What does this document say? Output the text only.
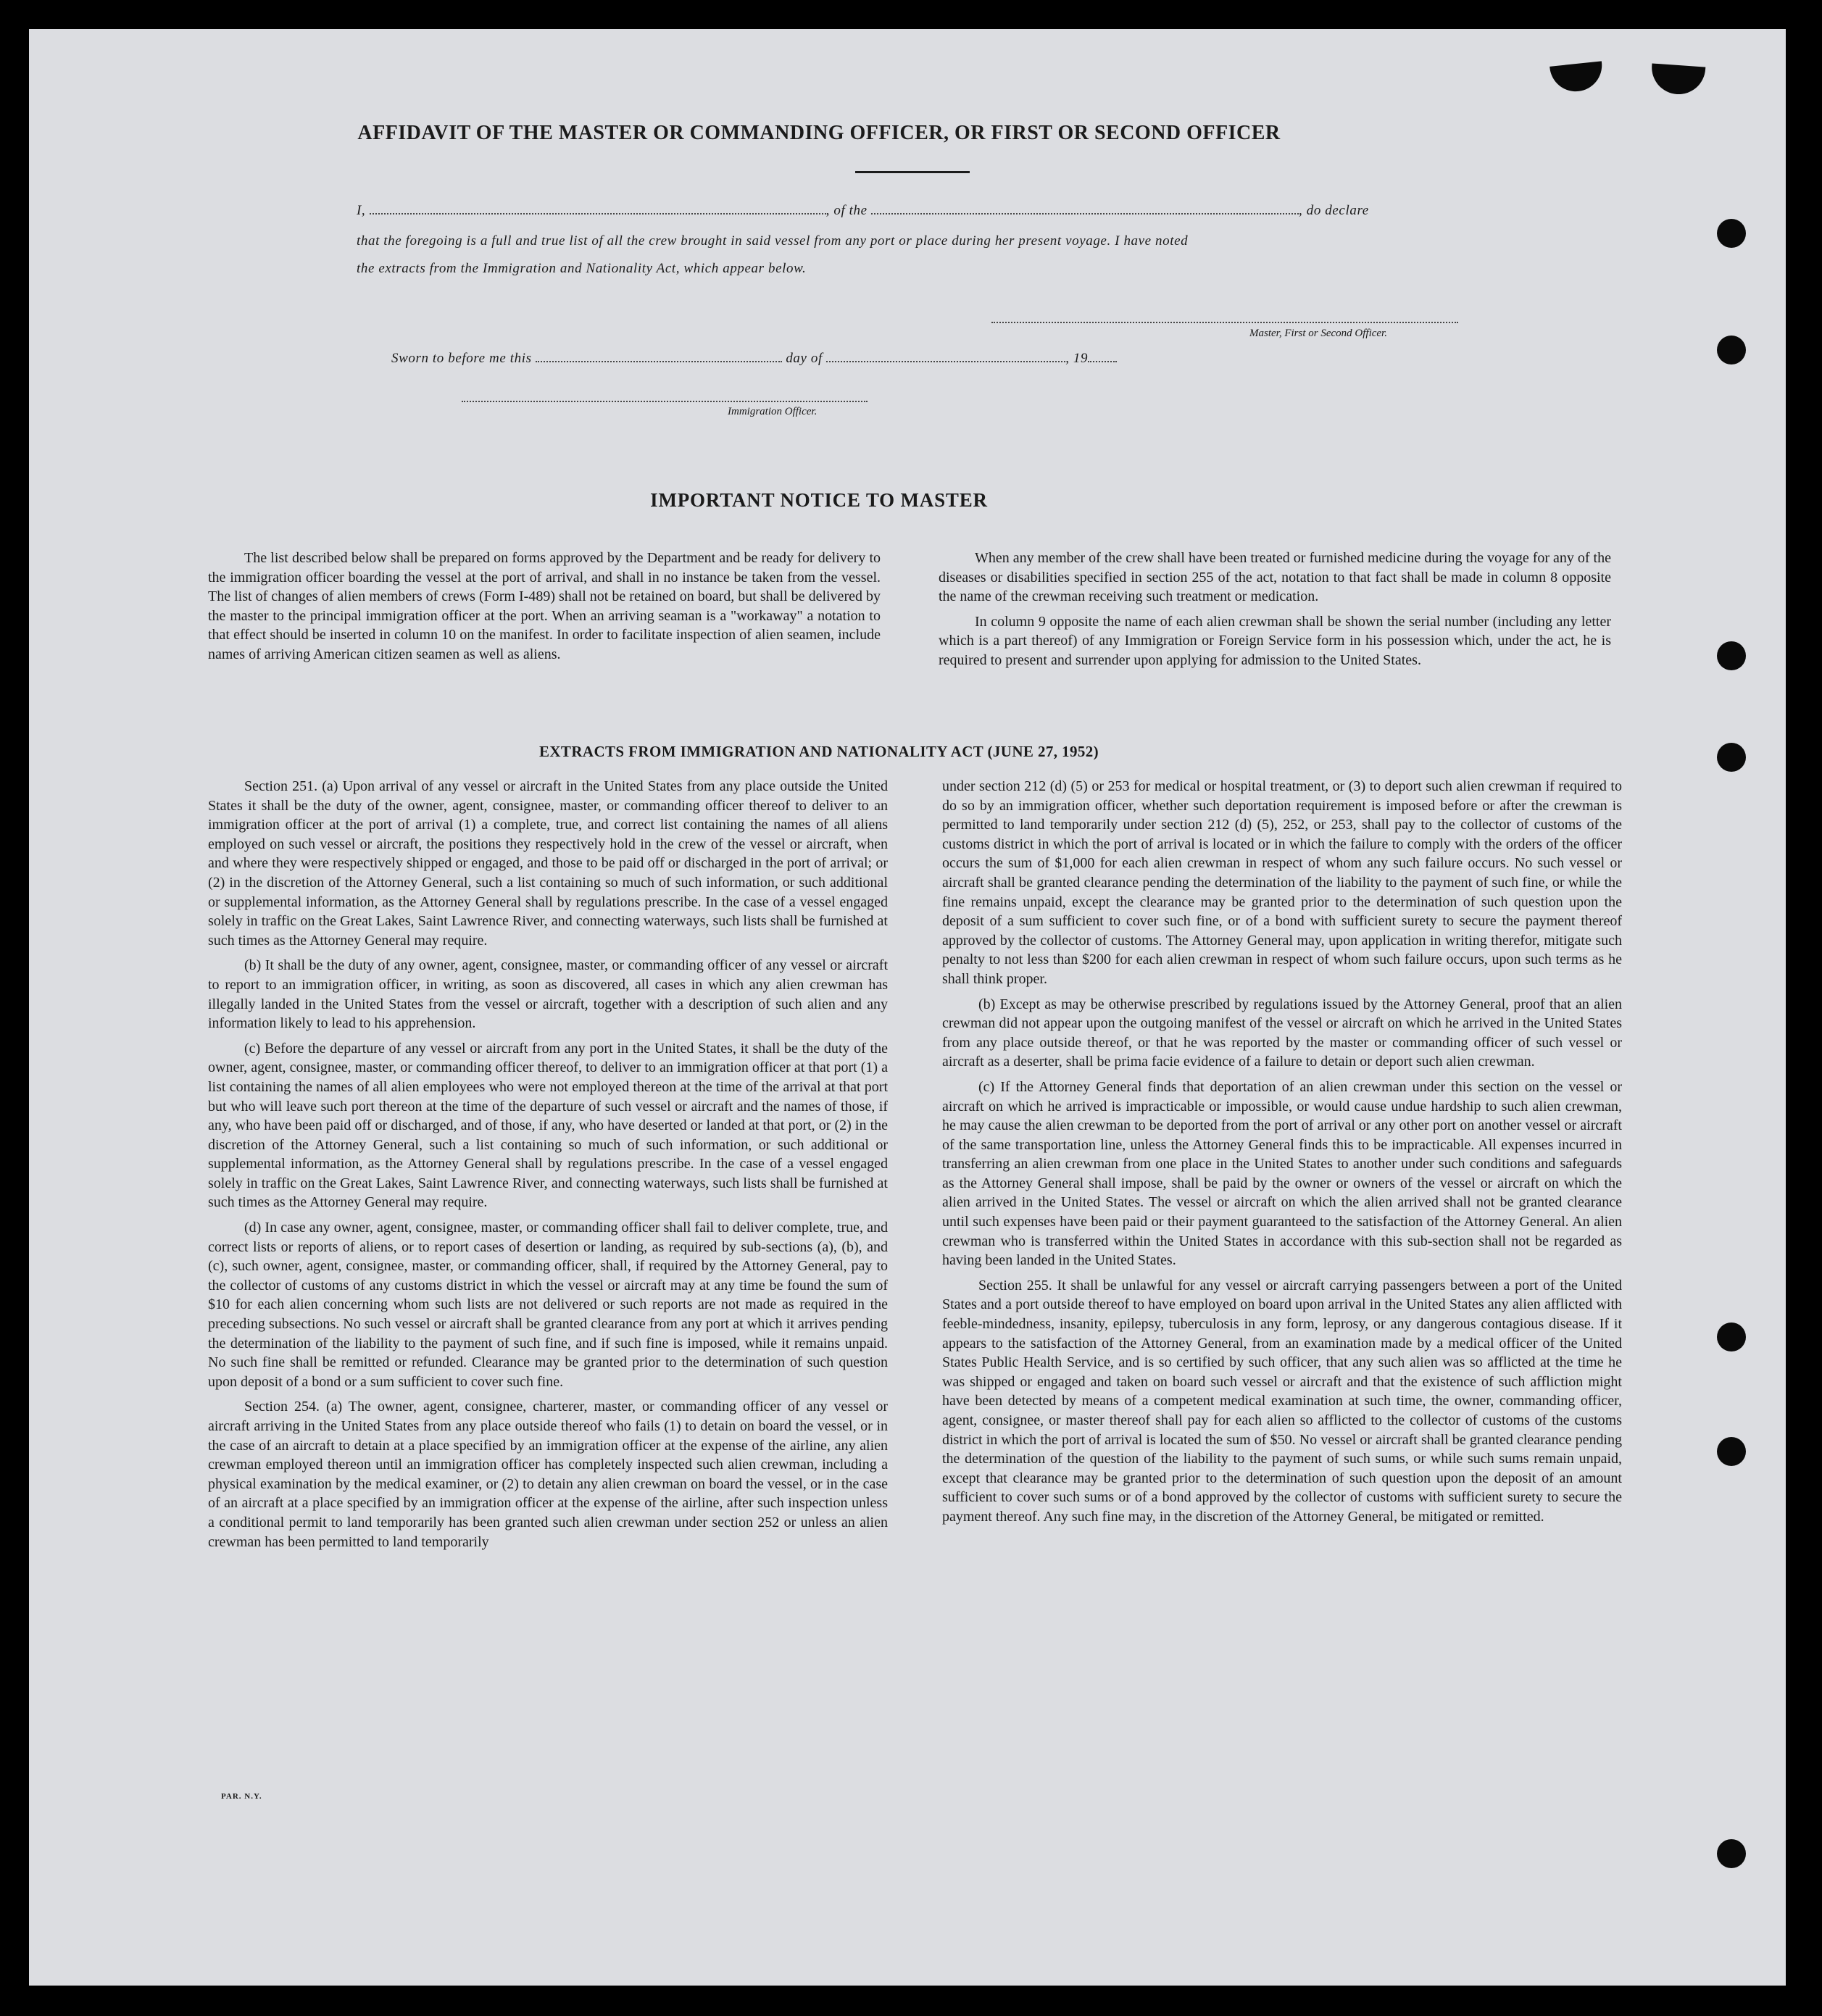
AFFIDAVIT OF THE MASTER OR COMMANDING OFFICER, OR FIRST OR SECOND OFFICER
I,	, of the	, do declare
that the foregoing is a full and true list of all the crew brought in said vessel from any port or place during her present voyage. I have noted
the extracts from the Immigration and Nationality Act, which appear below.
Master, First or Second Officer.
Sworn to before me this	day of	, 19
Immigration Officer.
IMPORTANT NOTICE TO MASTER

The list described below shall be prepared on forms approved by the Department and be ready for delivery to the immigration officer boarding the vessel at the port of arrival, and shall in no instance be taken from the vessel. The list of changes of alien members of crews (Form I-489) shall not be retained on board, but shall be delivered by the master to the principal immigration officer at the port. When an arriving seaman is a "workaway" a notation to that effect should be inserted in column 10 on the manifest. In order to facilitate inspection of alien seamen, include names of arriving American citizen seamen as well as aliens.

When any member of the crew shall have been treated or furnished medicine during the voyage for any of the diseases or disabilities specified in section 255 of the act, notation to that fact shall be made in column 8 opposite the name of the crewman receiving such treatment or medication.

In column 9 opposite the name of each alien crewman shall be shown the serial number (including any letter which is a part thereof) of any Immigration or Foreign Service form in his possession which, under the act, he is required to present and surrender upon applying for admission to the United States.

EXTRACTS FROM IMMIGRATION AND NATIONALITY ACT (JUNE 27, 1952)

Section 251. (a) Upon arrival of any vessel or aircraft in the United States from any place outside the United States it shall be the duty of the owner, agent, consignee, master, or commanding officer thereof to deliver to an immigration officer at the port of arrival (1) a complete, true, and correct list containing the names of all aliens employed on such vessel or aircraft, the positions they respectively hold in the crew of the vessel or aircraft, when and where they were respectively shipped or engaged, and those to be paid off or discharged in the port of arrival; or (2) in the discretion of the Attorney General, such a list containing so much of such information, or such additional or supplemental information, as the Attorney General shall by regulations prescribe. In the case of a vessel engaged solely in traffic on the Great Lakes, Saint Lawrence River, and connecting waterways, such lists shall be furnished at such times as the Attorney General may require.

(b) It shall be the duty of any owner, agent, consignee, master, or commanding officer of any vessel or aircraft to report to an immigration officer, in writing, as soon as discovered, all cases in which any alien crewman has illegally landed in the United States from the vessel or aircraft, together with a description of such alien and any information likely to lead to his apprehension.

(c) Before the departure of any vessel or aircraft from any port in the United States, it shall be the duty of the owner, agent, consignee, master, or commanding officer thereof, to deliver to an immigration officer at that port (1) a list containing the names of all alien employees who were not employed thereon at the time of the arrival at that port but who will leave such port thereon at the time of the departure of such vessel or aircraft and the names of those, if any, who have been paid off or discharged, and of those, if any, who have deserted or landed at that port, or (2) in the discretion of the Attorney General, such a list containing so much of such information, or such additional or supplemental information, as the Attorney General shall by regulations prescribe. In the case of a vessel engaged solely in traffic on the Great Lakes, Saint Lawrence River, and connecting waterways, such lists shall be furnished at such times as the Attorney General may require.

(d) In case any owner, agent, consignee, master, or commanding officer shall fail to deliver complete, true, and correct lists or reports of aliens, or to report cases of desertion or landing, as required by sub-sections (a), (b), and (c), such owner, agent, consignee, master, or commanding officer, shall, if required by the Attorney General, pay to the collector of customs of any customs district in which the vessel or aircraft may at any time be found the sum of $10 for each alien concerning whom such lists are not delivered or such reports are not made as required in the preceding subsections. No such vessel or aircraft shall be granted clearance from any port at which it arrives pending the determination of the liability to the payment of such fine, and if such fine is imposed, while it remains unpaid. No such fine shall be remitted or refunded. Clearance may be granted prior to the determination of such question upon deposit of a bond or a sum sufficient to cover such fine.

Section 254. (a) The owner, agent, consignee, charterer, master, or commanding officer of any vessel or aircraft arriving in the United States from any place outside thereof who fails (1) to detain on board the vessel, or in the case of an aircraft to detain at a place specified by an immigration officer at the expense of the airline, any alien crewman employed thereon until an immigration officer has completely inspected such alien crewman, including a physical examination by the medical examiner, or (2) to detain any alien crewman on board the vessel, or in the case of an aircraft at a place specified by an immigration officer at the expense of the airline, after such inspection unless a conditional permit to land temporarily has been granted such alien crewman under section 252 or unless an alien crewman has been permitted to land temporarily

under section 212 (d) (5) or 253 for medical or hospital treatment, or (3) to deport such alien crewman if required to do so by an immigration officer, whether such deportation requirement is imposed before or after the crewman is permitted to land temporarily under section 212 (d) (5), 252, or 253, shall pay to the collector of customs of the customs district in which the port of arrival is located or in which the failure to comply with the orders of the officer occurs the sum of $1,000 for each alien crewman in respect of whom any such failure occurs. No such vessel or aircraft shall be granted clearance pending the determination of the liability to the payment of such fine, or while the fine remains unpaid, except the clearance may be granted prior to the determination of such question upon the deposit of a sum sufficient to cover such fine, or of a bond with sufficient surety to secure the payment thereof approved by the collector of customs. The Attorney General may, upon application in writing therefor, mitigate such penalty to not less than $200 for each alien crewman in respect of whom such failure occurs, upon such terms as he shall think proper.

(b) Except as may be otherwise prescribed by regulations issued by the Attorney General, proof that an alien crewman did not appear upon the outgoing manifest of the vessel or aircraft on which he arrived in the United States from any place outside thereof, or that he was reported by the master or commanding officer of such vessel or aircraft as a deserter, shall be prima facie evidence of a failure to detain or deport such alien crewman.

(c) If the Attorney General finds that deportation of an alien crewman under this section on the vessel or aircraft on which he arrived is impracticable or impossible, or would cause undue hardship to such alien crewman, he may cause the alien crewman to be deported from the port of arrival or any other port on another vessel or aircraft of the same transportation line, unless the Attorney General finds this to be impracticable. All expenses incurred in transferring an alien crewman from one place in the United States to another under such conditions and safeguards as the Attorney General shall impose, shall be paid by the owner or owners of the vessel or aircraft on which the alien arrived in the United States. The vessel or aircraft on which the alien arrived shall not be granted clearance until such expenses have been paid or their payment guaranteed to the satisfaction of the Attorney General. An alien crewman who is transferred within the United States in accordance with this sub-section shall not be regarded as having been landed in the United States.

Section 255. It shall be unlawful for any vessel or aircraft carrying passengers between a port of the United States and a port outside thereof to have employed on board upon arrival in the United States any alien afflicted with feeble-mindedness, insanity, epilepsy, tuberculosis in any form, leprosy, or any dangerous contagious disease. If it appears to the satisfaction of the Attorney General, from an examination made by a medical officer of the United States Public Health Service, and is so certified by such officer, that any such alien was so afflicted at the time he was shipped or engaged and taken on board such vessel or aircraft and that the existence of such affliction might have been detected by means of a competent medical examination at such time, the owner, commanding officer, agent, consignee, or master thereof shall pay for each alien so afflicted to the collector of customs of the customs district in which the port of arrival is located the sum of $50. No vessel or aircraft shall be granted clearance pending the determination of the question of the liability to the payment of such sums, or while such sums remain unpaid, except that clearance may be granted prior to the determination of such question upon the deposit of an amount sufficient to cover such sums or of a bond approved by the collector of customs with sufficient surety to secure the payment thereof. Any such fine may, in the discretion of the Attorney General, be mitigated or remitted.

PAR. N.Y.
